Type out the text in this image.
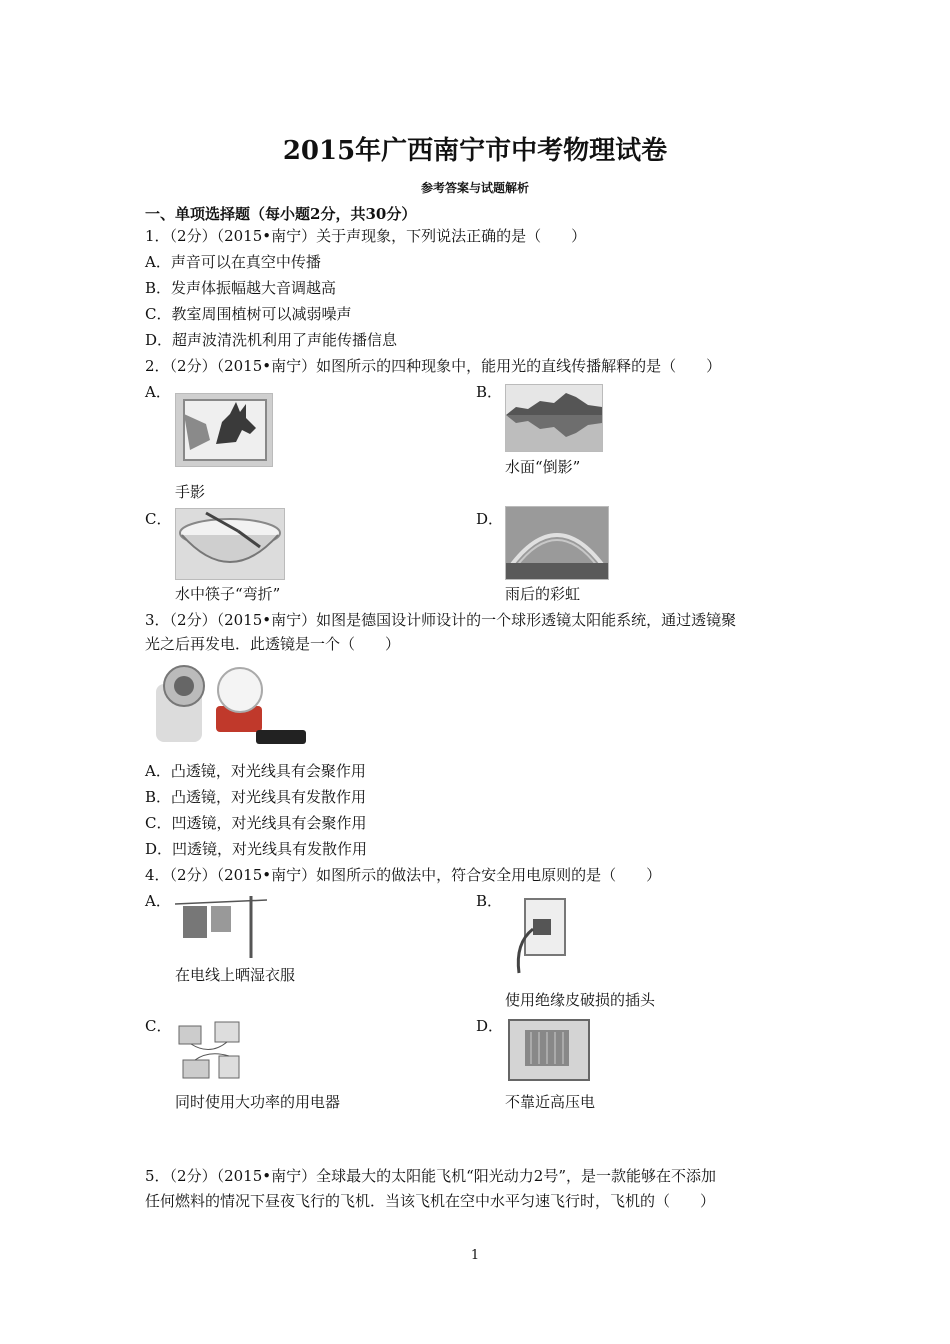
2015年广西南宁市中考物理试卷
参考答案与试题解析
一、单项选择题（每小题2分，共30分）
1．（2分）（2015•南宁）关于声现象，下列说法正确的是（　　）
A．声音可以在真空中传播
B．发声体振幅越大音调越高
C．教室周围植树可以减弱噪声
D．超声波清洗机利用了声能传播信息
2．（2分）（2015•南宁）如图所示的四种现象中，能用光的直线传播解释的是（　　）
A．
手影
B．
水面“倒影”
C．
水中筷子“弯折”
D．
雨后的彩虹
3．（2分）（2015•南宁）如图是德国设计师设计的一个球形透镜太阳能系统，通过透镜聚
光之后再发电．此透镜是一个（　　）
A．凸透镜，对光线具有会聚作用
B．凸透镜，对光线具有发散作用
C．凹透镜，对光线具有会聚作用
D．凹透镜，对光线具有发散作用
4．（2分）（2015•南宁）如图所示的做法中，符合安全用电原则的是（　　）
A．
在电线上晒湿衣服
B．
使用绝缘皮破损的插头
C．
同时使用大功率的用电器
D．
不靠近高压电
5．（2分）（2015•南宁）全球最大的太阳能飞机“阳光动力2号”，是一款能够在不添加
任何燃料的情况下昼夜飞行的飞机．当该飞机在空中水平匀速飞行时，飞机的（　　）
1
